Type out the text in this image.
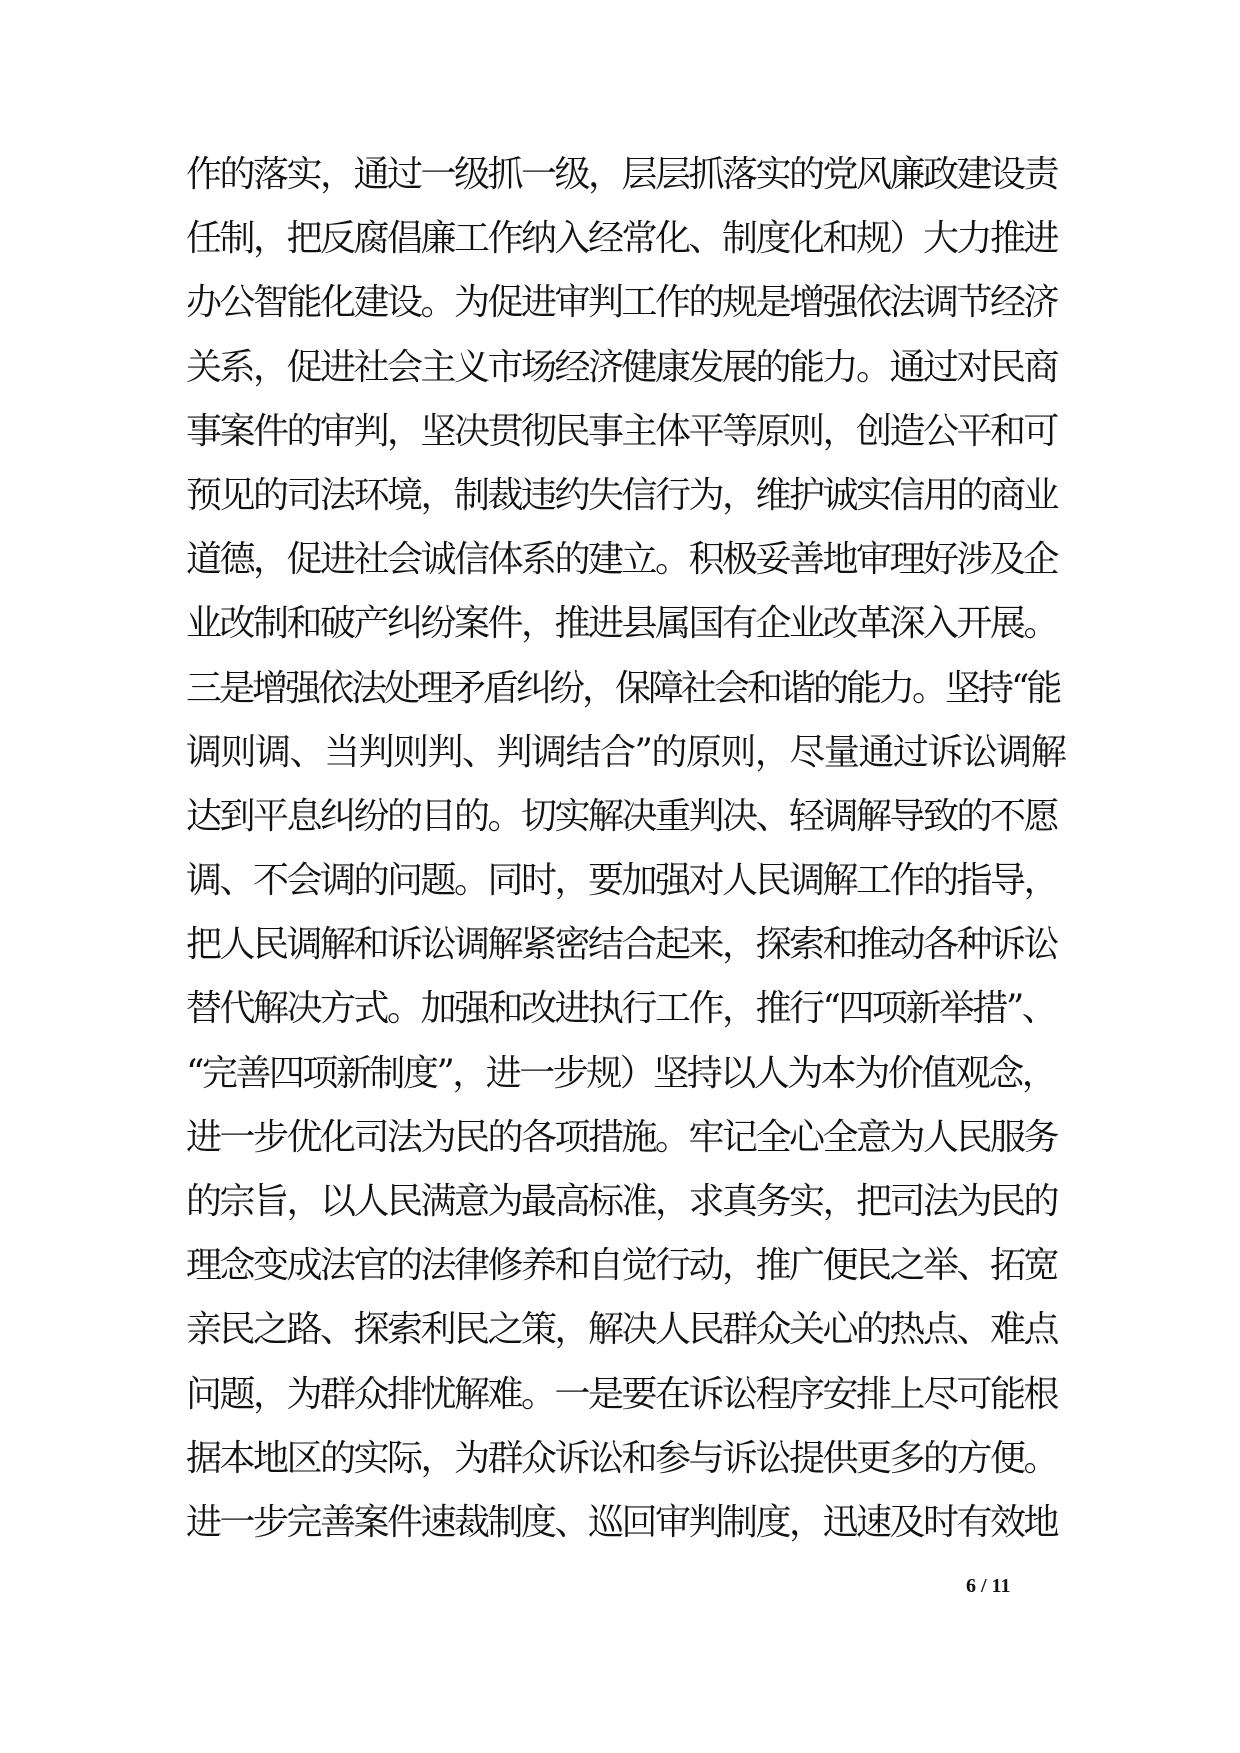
作的落实，通过一级抓一级，层层抓落实的党风廉政建设责
任制，把反腐倡廉工作纳入经常化、制度化和规）大力推进
办公智能化建设。为促进审判工作的规是增强依法调节经济
关系，促进社会主义市场经济健康发展的能力。通过对民商
事案件的审判，坚决贯彻民事主体平等原则，创造公平和可
预见的司法环境，制裁违约失信行为，维护诚实信用的商业
道德，促进社会诚信体系的建立。积极妥善地审理好涉及企
业改制和破产纠纷案件，推进县属国有企业改革深入开展。
三是增强依法处理矛盾纠纷，保障社会和谐的能力。坚持“能
调则调、当判则判、判调结合”的原则，尽量通过诉讼调解
达到平息纠纷的目的。切实解决重判决、轻调解导致的不愿
调、不会调的问题。同时，要加强对人民调解工作的指导，
把人民调解和诉讼调解紧密结合起来，探索和推动各种诉讼
替代解决方式。加强和改进执行工作，推行“四项新举措”、
“完善四项新制度”，进一步规）坚持以人为本为价值观念，
进一步优化司法为民的各项措施。牢记全心全意为人民服务
的宗旨，以人民满意为最高标准，求真务实，把司法为民的
理念变成法官的法律修养和自觉行动，推广便民之举、拓宽
亲民之路、探索利民之策，解决人民群众关心的热点、难点
问题，为群众排忧解难。一是要在诉讼程序安排上尽可能根
据本地区的实际，为群众诉讼和参与诉讼提供更多的方便。
进一步完善案件速裁制度、巡回审判制度，迅速及时有效地
6 / 11
